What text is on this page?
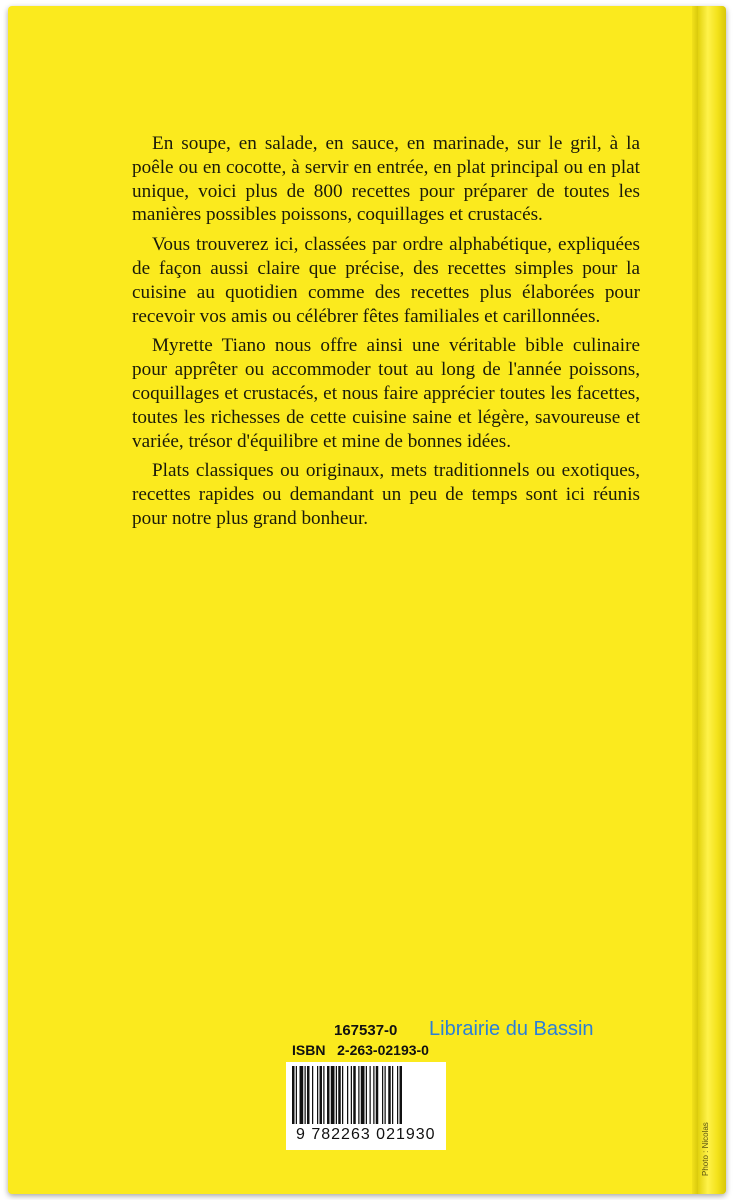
En soupe, en salade, en sauce, en marinade, sur le gril, à la poêle ou en cocotte, à servir en entrée, en plat principal ou en plat unique, voici plus de 800 recettes pour préparer de toutes les manières possibles poissons, coquillages et crustacés.

Vous trouverez ici, classées par ordre alphabétique, expliquées de façon aussi claire que précise, des recettes simples pour la cuisine au quotidien comme des recettes plus élaborées pour recevoir vos amis ou célébrer fêtes familiales et carillonnées.

Myrette Tiano nous offre ainsi une véritable bible culinaire pour apprêter ou accommoder tout au long de l'année poissons, coquillages et crustacés, et nous faire apprécier toutes les facettes, toutes les richesses de cette cuisine saine et légère, savoureuse et variée, trésor d'équilibre et mine de bonnes idées.

Plats classiques ou originaux, mets traditionnels ou exotiques, recettes rapides ou demandant un peu de temps sont ici réunis pour notre plus grand bonheur.

167537-0
ISBN   2-263-02193-0
Librairie du Bassin
9 782263 021930	Photo : Nicolas
